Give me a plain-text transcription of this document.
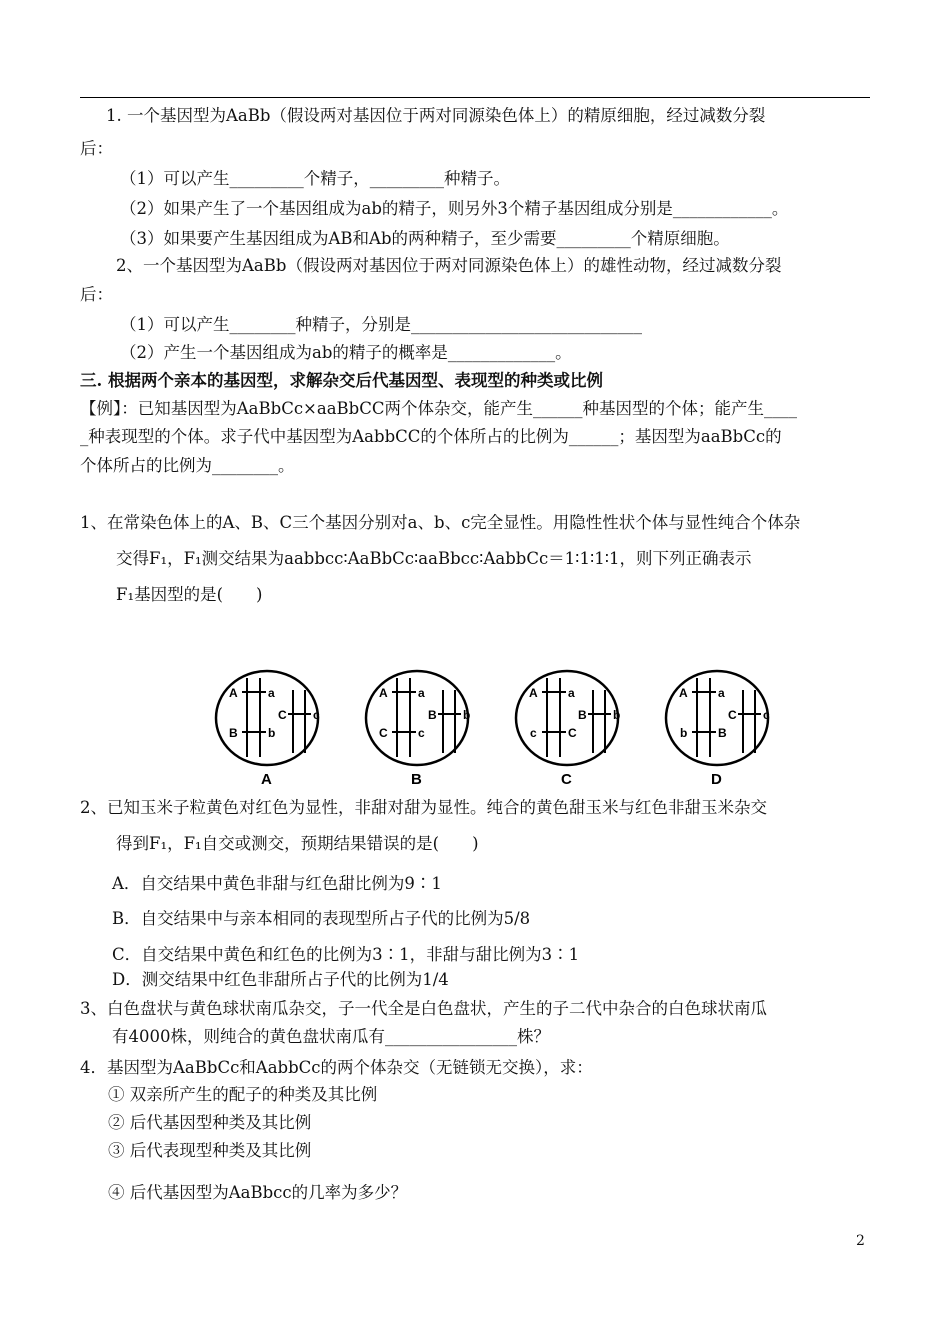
1. 一个基因型为AaBb（假设两对基因位于两对同源染色体上）的精原细胞，经过减数分裂
后：
（1）可以产生_________个精子，_________种精子。
（2）如果产生了一个基因组成为ab的精子，则另外3个精子基因组成分别是____________。
（3）如果要产生基因组成为AB和Ab的两种精子，至少需要_________个精原细胞。
2、一个基因型为AaBb（假设两对基因位于两对同源染色体上）的雄性动物，经过减数分裂
后：
（1）可以产生________种精子，分别是____________________________
（2）产生一个基因组成为ab的精子的概率是_____________。
三. 根据两个亲本的基因型，求解杂交后代基因型、表现型的种类或比例
【例】：已知基因型为AaBbCc×aaBbCC两个体杂交，能产生______种基因型的个体；能产生____
_种表现型的个体。求子代中基因型为AabbCC的个体所占的比例为______；基因型为aaBbCc的
个体所占的比例为________。
1、在常染色体上的A、B、C三个基因分别对a、b、c完全显性。用隐性性状个体与显性纯合个体杂
交得F₁，F₁测交结果为aabbcc∶AaBbCc∶aaBbcc∶AabbCc＝1∶1∶1∶1，则下列正确表示
F₁基因型的是(　　)
A	a
B	b
C c
A
A	a
B b
C	c
B
A	a
B b
c	C
C
A	a
C c
b	B
D
2、已知玉米子粒黄色对红色为显性，非甜对甜为显性。纯合的黄色甜玉米与红色非甜玉米杂交
得到F₁，F₁自交或测交，预期结果错误的是(　　)
A．自交结果中黄色非甜与红色甜比例为9∶1
B．自交结果中与亲本相同的表现型所占子代的比例为5/8
C．自交结果中黄色和红色的比例为3∶1，非甜与甜比例为3∶1
D．测交结果中红色非甜所占子代的比例为1/4
3、白色盘状与黄色球状南瓜杂交，子一代全是白色盘状，产生的子二代中杂合的白色球状南瓜
有4000株，则纯合的黄色盘状南瓜有________________株？
4．基因型为AaBbCc和AabbCc的两个体杂交（无链锁无交换），求：
① 双亲所产生的配子的种类及其比例
② 后代基因型种类及其比例
③ 后代表现型种类及其比例
④ 后代基因型为AaBbcc的几率为多少？
2
